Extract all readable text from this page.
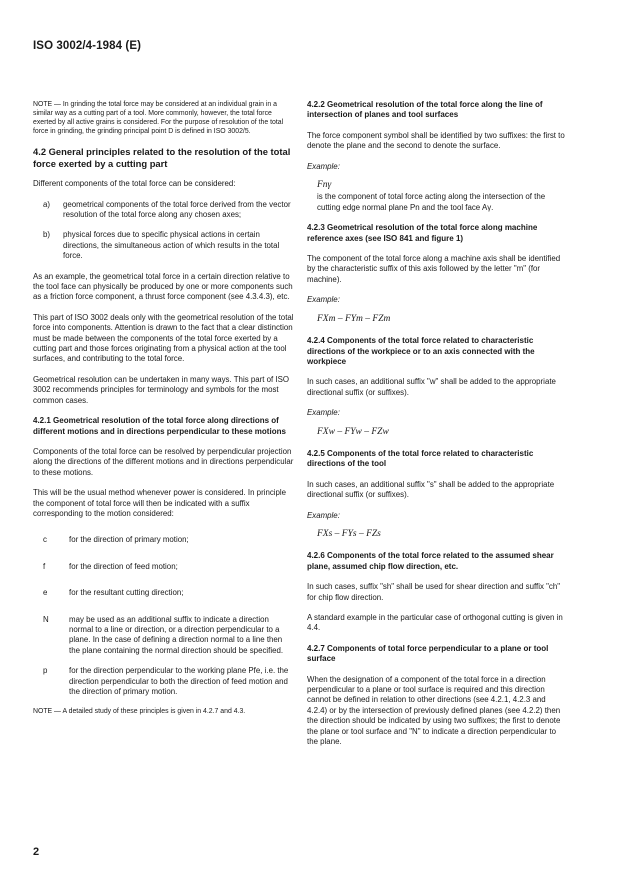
ISO 3002/4-1984 (E)

NOTE — In grinding the total force may be considered at an individual grain in a similar way as a cutting part of a tool. More commonly, however, the total force exerted by all active grains is considered. For the purpose of resolution of the total force in grinding, the grinding principal point D is defined in ISO 3002/5.

4.2 General principles related to the resolution of the total force exerted by a cutting part

Different components of the total force can be considered:

a)	geometrical components of the total force derived from the vector resolution of the total force along any chosen axes;
b)	physical forces due to specific physical actions in certain directions, the simultaneous action of which results in the total force.

As an example, the geometrical total force in a certain direction relative to the tool face can physically be produced by one or more components such as a friction force component, a thrust force component (see 4.3.4.3), etc.

This part of ISO 3002 deals only with the geometrical resolution of the total force into components. Attention is drawn to the fact that a clear distinction must be made between the components of the total force exerted by a cutting part and those forces originating from a physical action at the tool surfaces, and contributing to the total force.

Geometrical resolution can be undertaken in many ways. This part of ISO 3002 recommends principles for terminology and symbols for the most common cases.

4.2.1 Geometrical resolution of the total force along directions of different motions and in directions perpendicular to these motions

Components of the total force can be resolved by perpendicular projection along the directions of the different motions and in directions perpendicular to these motions.

This will be the usual method whenever power is considered. In principle the component of total force will then be indicated with a suffix corresponding to the motion considered:

c	for the direction of primary motion;
f	for the direction of feed motion;
e	for the resultant cutting direction;
N	may be used as an additional suffix to indicate a direction normal to a line or direction, or a direction perpendicular to a plane. In the case of defining a direction normal to a line then the plane containing the normal direction should be specified.
p	for the direction perpendicular to the working plane Pfe, i.e. the direction perpendicular to both the direction of feed motion and the direction of primary motion.

NOTE — A detailed study of these principles is given in 4.2.7 and 4.3.

4.2.2 Geometrical resolution of the total force along the line of intersection of planes and tool surfaces

The force component symbol shall be identified by two suffixes: the first to denote the plane and the second to denote the surface.

Example:
Fnγ

is the component of total force acting along the intersection of the cutting edge normal plane Pn and the tool face Aγ.

4.2.3 Geometrical resolution of the total force along machine reference axes (see ISO 841 and figure 1)

The component of the total force along a machine axis shall be identified by the characteristic suffix of this axis followed by the letter "m" (for machine).

Example:
FXm – FYm – FZm
4.2.4 Components of the total force related to characteristic directions of the workpiece or to an axis connected with the workpiece

In such cases, an additional suffix "w" shall be added to the appropriate directional suffix (or suffixes).

Example:
FXw – FYw – FZw
4.2.5 Components of the total force related to characteristic directions of the tool

In such cases, an additional suffix "s" shall be added to the appropriate directional suffix (or suffixes).

Example:
FXs – FYs – FZs
4.2.6 Components of the total force related to the assumed shear plane, assumed chip flow direction, etc.

In such cases, suffix "sh" shall be used for shear direction and suffix "ch" for chip flow direction.

A standard example in the particular case of orthogonal cutting is given in 4.4.

4.2.7 Components of total force perpendicular to a plane or tool surface

When the designation of a component of the total force in a direction perpendicular to a plane or tool surface is required and this direction cannot be defined in relation to other directions (see 4.2.1, 4.2.3 and 4.2.4) or by the intersection of previously defined planes (see 4.2.2) then the direction should be indicated by using two suffixes; the first to denote the plane or tool surface and "N" to indicate a direction perpendicular to the plane.

2
